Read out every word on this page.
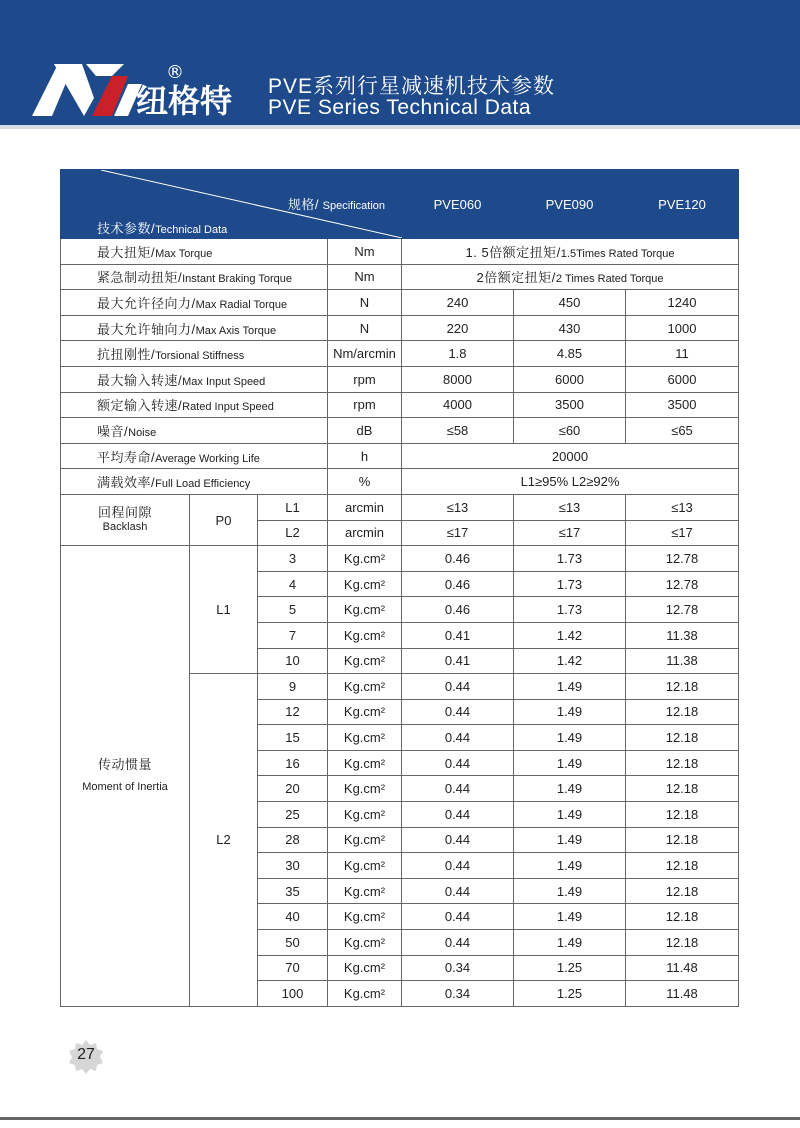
纽格特
®
PVE系列行星减速机技术参数
PVE Series Technical Data
规格/ Specification
技术参数/Technical Data				PVE060	PVE090	PVE120
最大扭矩/Max Torque			Nm	1. 5倍额定扭矩/1.5Times Rated Torque		
紧急制动扭矩/Instant Braking Torque			Nm	2倍额定扭矩/2 Times Rated Torque		
最大允许径向力/Max Radial Torque			N	240	450	1240
最大允许轴向力/Max Axis Torque			N	220	430	1000
抗扭刚性/Torsional Stiffness			Nm/arcmin	1.8	4.85	11
最大输入转速/Max Input Speed			rpm	8000	6000	6000
额定输入转速/Rated Input Speed			rpm	4000	3500	3500
噪音/Noise			dB	≤58	≤60	≤65
平均寿命/Average Working Life			h	20000		
满载效率/Full Load Efficiency			%	L1≥95% L2≥92%		
回程间隙
Backlash	P0	L1	arcmin	≤13	≤13	≤13
		L2	arcmin	≤17	≤17	≤17

传动惯量
Moment of Inertia	L1	3	Kg.cm²	0.46	1.73	12.78
		4	Kg.cm²	0.46	1.73	12.78
		5	Kg.cm²	0.46	1.73	12.78
		7	Kg.cm²	0.41	1.42	11.38
		10	Kg.cm²	0.41	1.42	11.38
	L2	9	Kg.cm²	0.44	1.49	12.18
		12	Kg.cm²	0.44	1.49	12.18
		15	Kg.cm²	0.44	1.49	12.18
		16	Kg.cm²	0.44	1.49	12.18
		20	Kg.cm²	0.44	1.49	12.18
		25	Kg.cm²	0.44	1.49	12.18
		28	Kg.cm²	0.44	1.49	12.18
		30	Kg.cm²	0.44	1.49	12.18
		35	Kg.cm²	0.44	1.49	12.18
		40	Kg.cm²	0.44	1.49	12.18
		50	Kg.cm²	0.44	1.49	12.18
		70	Kg.cm²	0.34	1.25	11.48
		100	Kg.cm²	0.34	1.25	11.48
27
